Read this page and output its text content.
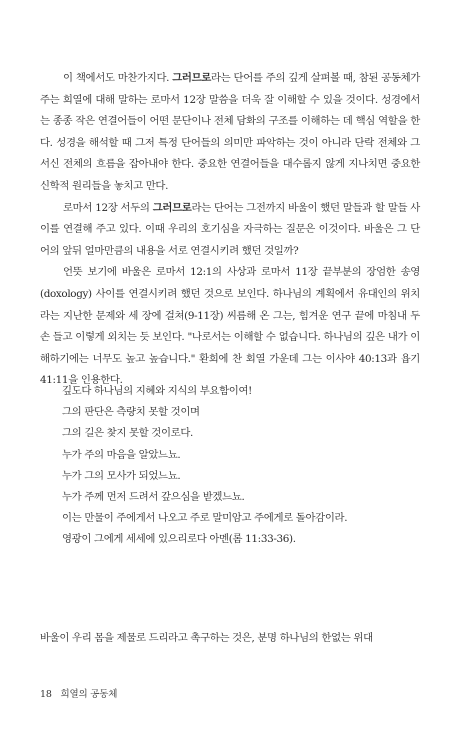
이 책에서도 마찬가지다. 그러므로라는 단어를 주의 깊게 살펴볼 때, 참된 공동체가 주는 희열에 대해 말하는 로마서 12장 말씀을 더욱 잘 이해할 수 있을 것이다. 성경에서는 종종 작은 연결어들이 어떤 문단이나 전체 담화의 구조를 이해하는 데 핵심 역할을 한다. 성경을 해석할 때 그저 특정 단어들의 의미만 파악하는 것이 아니라 단락 전체와 그 서신 전체의 흐름을 잡아내야 한다. 중요한 연결어들을 대수롭지 않게 지나치면 중요한 신학적 원리들을 놓치고 만다.

로마서 12장 서두의 그러므로라는 단어는 그전까지 바울이 했던 말들과 할 말들 사이를 연결해 주고 있다. 이때 우리의 호기심을 자극하는 질문은 이것이다. 바울은 그 단어의 앞뒤 얼마만큼의 내용을 서로 연결시키려 했던 것일까?

언뜻 보기에 바울은 로마서 12:1의 사상과 로마서 11장 끝부분의 장엄한 송영(doxology) 사이를 연결시키려 했던 것으로 보인다. 하나님의 계획에서 유대인의 위치라는 지난한 문제와 세 장에 걸쳐(9-11장) 씨름해 온 그는, 힘겨운 연구 끝에 마침내 두 손 들고 이렇게 외치는 듯 보인다. "나로서는 이해할 수 없습니다. 하나님의 깊은 내가 이해하기에는 너무도 높고 높습니다." 환희에 찬 회열 가운데 그는 이사야 40:13과 욥기 41:11을 인용한다.

깊도다 하나님의 지혜와 지식의 부요함이여!

그의 판단은 측량치 못할 것이며

그의 길은 찾지 못할 것이로다.

누가 주의 마음을 알았느뇨.

누가 그의 모사가 되었느뇨.

누가 주께 먼저 드려서 갚으심을 받겠느뇨.

이는 만물이 주에게서 나오고 주로 말미암고 주에게로 돌아감이라.

영광이 그에게 세세에 있으리로다 아멘(롬 11:33-36).

바울이 우리 몸을 제물로 드리라고 촉구하는 것은, 분명 하나님의 한없는 위대
18 희열의 공동체
